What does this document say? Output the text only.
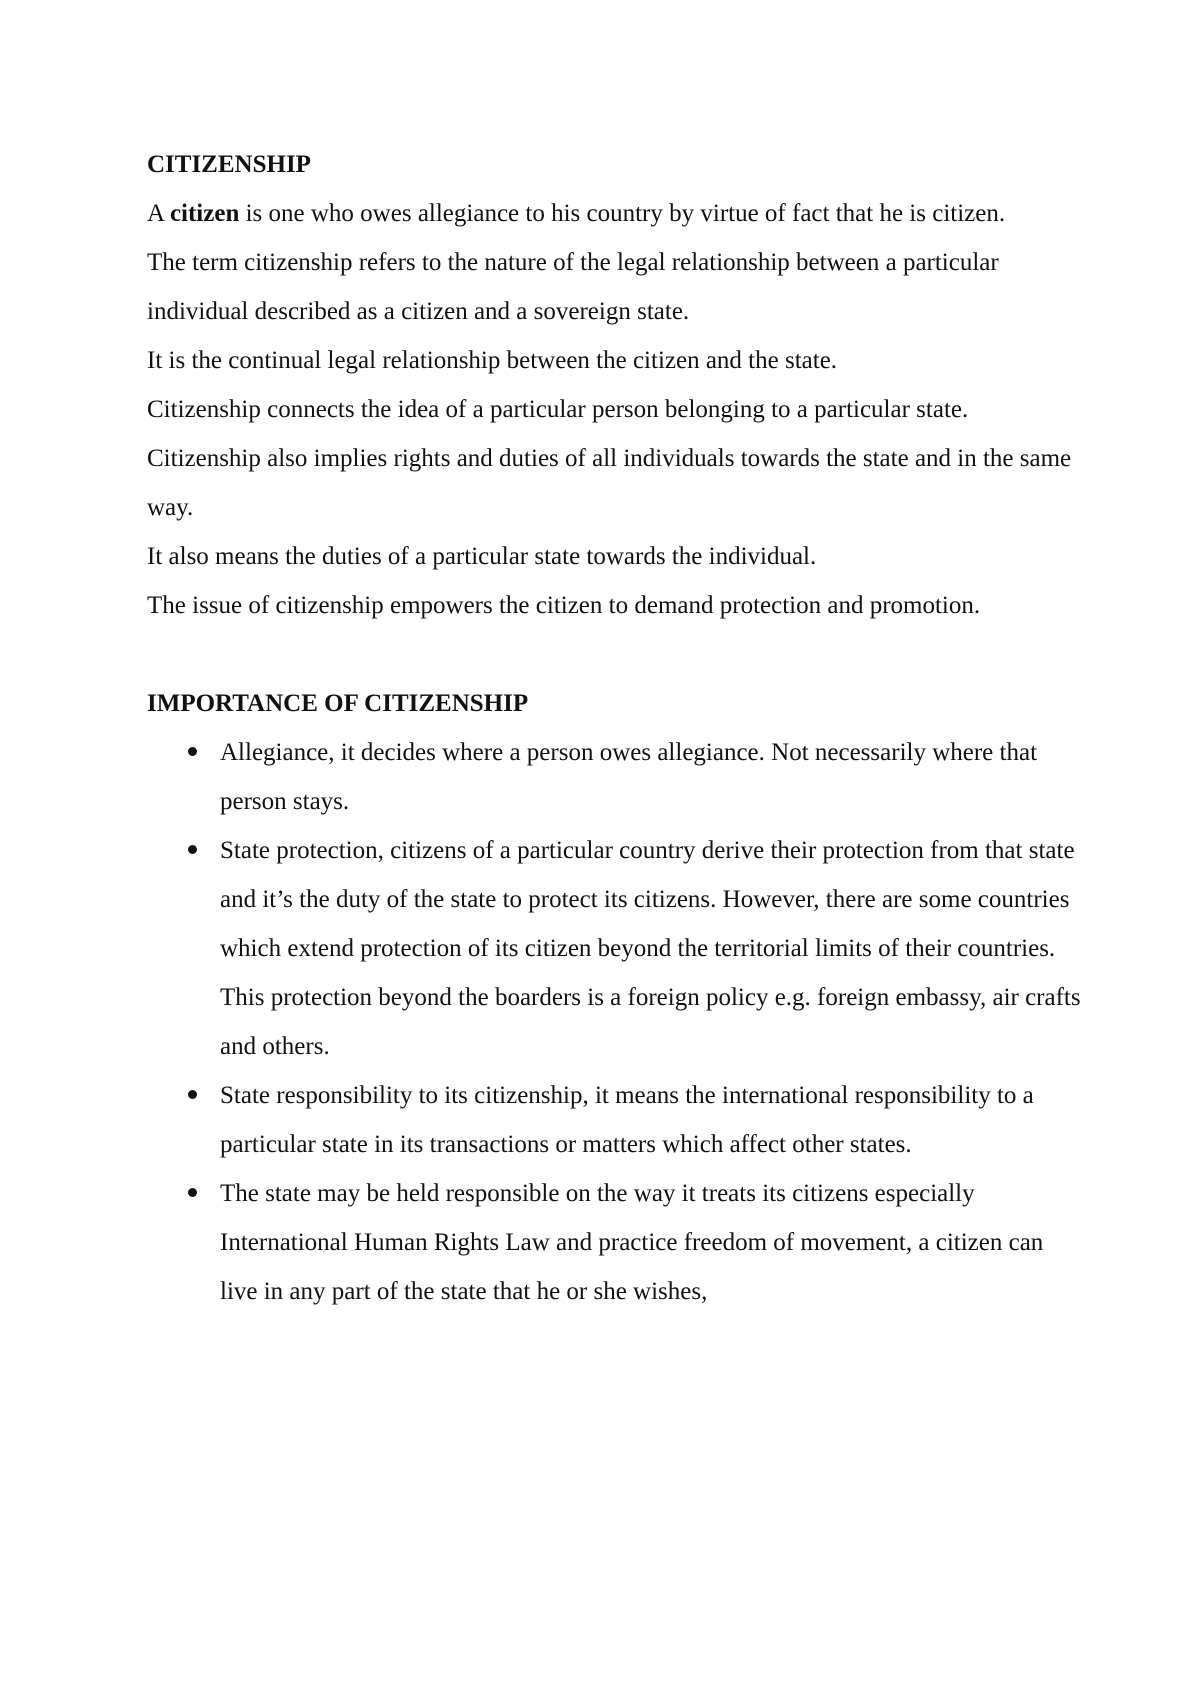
CITIZENSHIP

A citizen is one who owes allegiance to his country by virtue of fact that he is citizen.

The term citizenship refers to the nature of the legal relationship between a particular individual described as a citizen and a sovereign state.

It is the continual legal relationship between the citizen and the state.

Citizenship connects the idea of a particular person belonging to a particular state.

Citizenship also implies rights and duties of all individuals towards the state and in the same way.

It also means the duties of a particular state towards the individual.

The issue of citizenship empowers the citizen to demand protection and promotion.

IMPORTANCE OF CITIZENSHIP

Allegiance, it decides where a person owes allegiance. Not necessarily where that person stays.

State protection, citizens of a particular country derive their protection from that state and it’s the duty of the state to protect its citizens. However, there are some countries which extend protection of its citizen beyond the territorial limits of their countries.

This protection beyond the boarders is a foreign policy e.g. foreign embassy, air crafts and others.

State responsibility to its citizenship, it means the international responsibility to a particular state in its transactions or matters which affect other states.

The state may be held responsible on the way it treats its citizens especially International Human Rights Law and practice freedom of movement, a citizen can live in any part of the state that he or she wishes,
